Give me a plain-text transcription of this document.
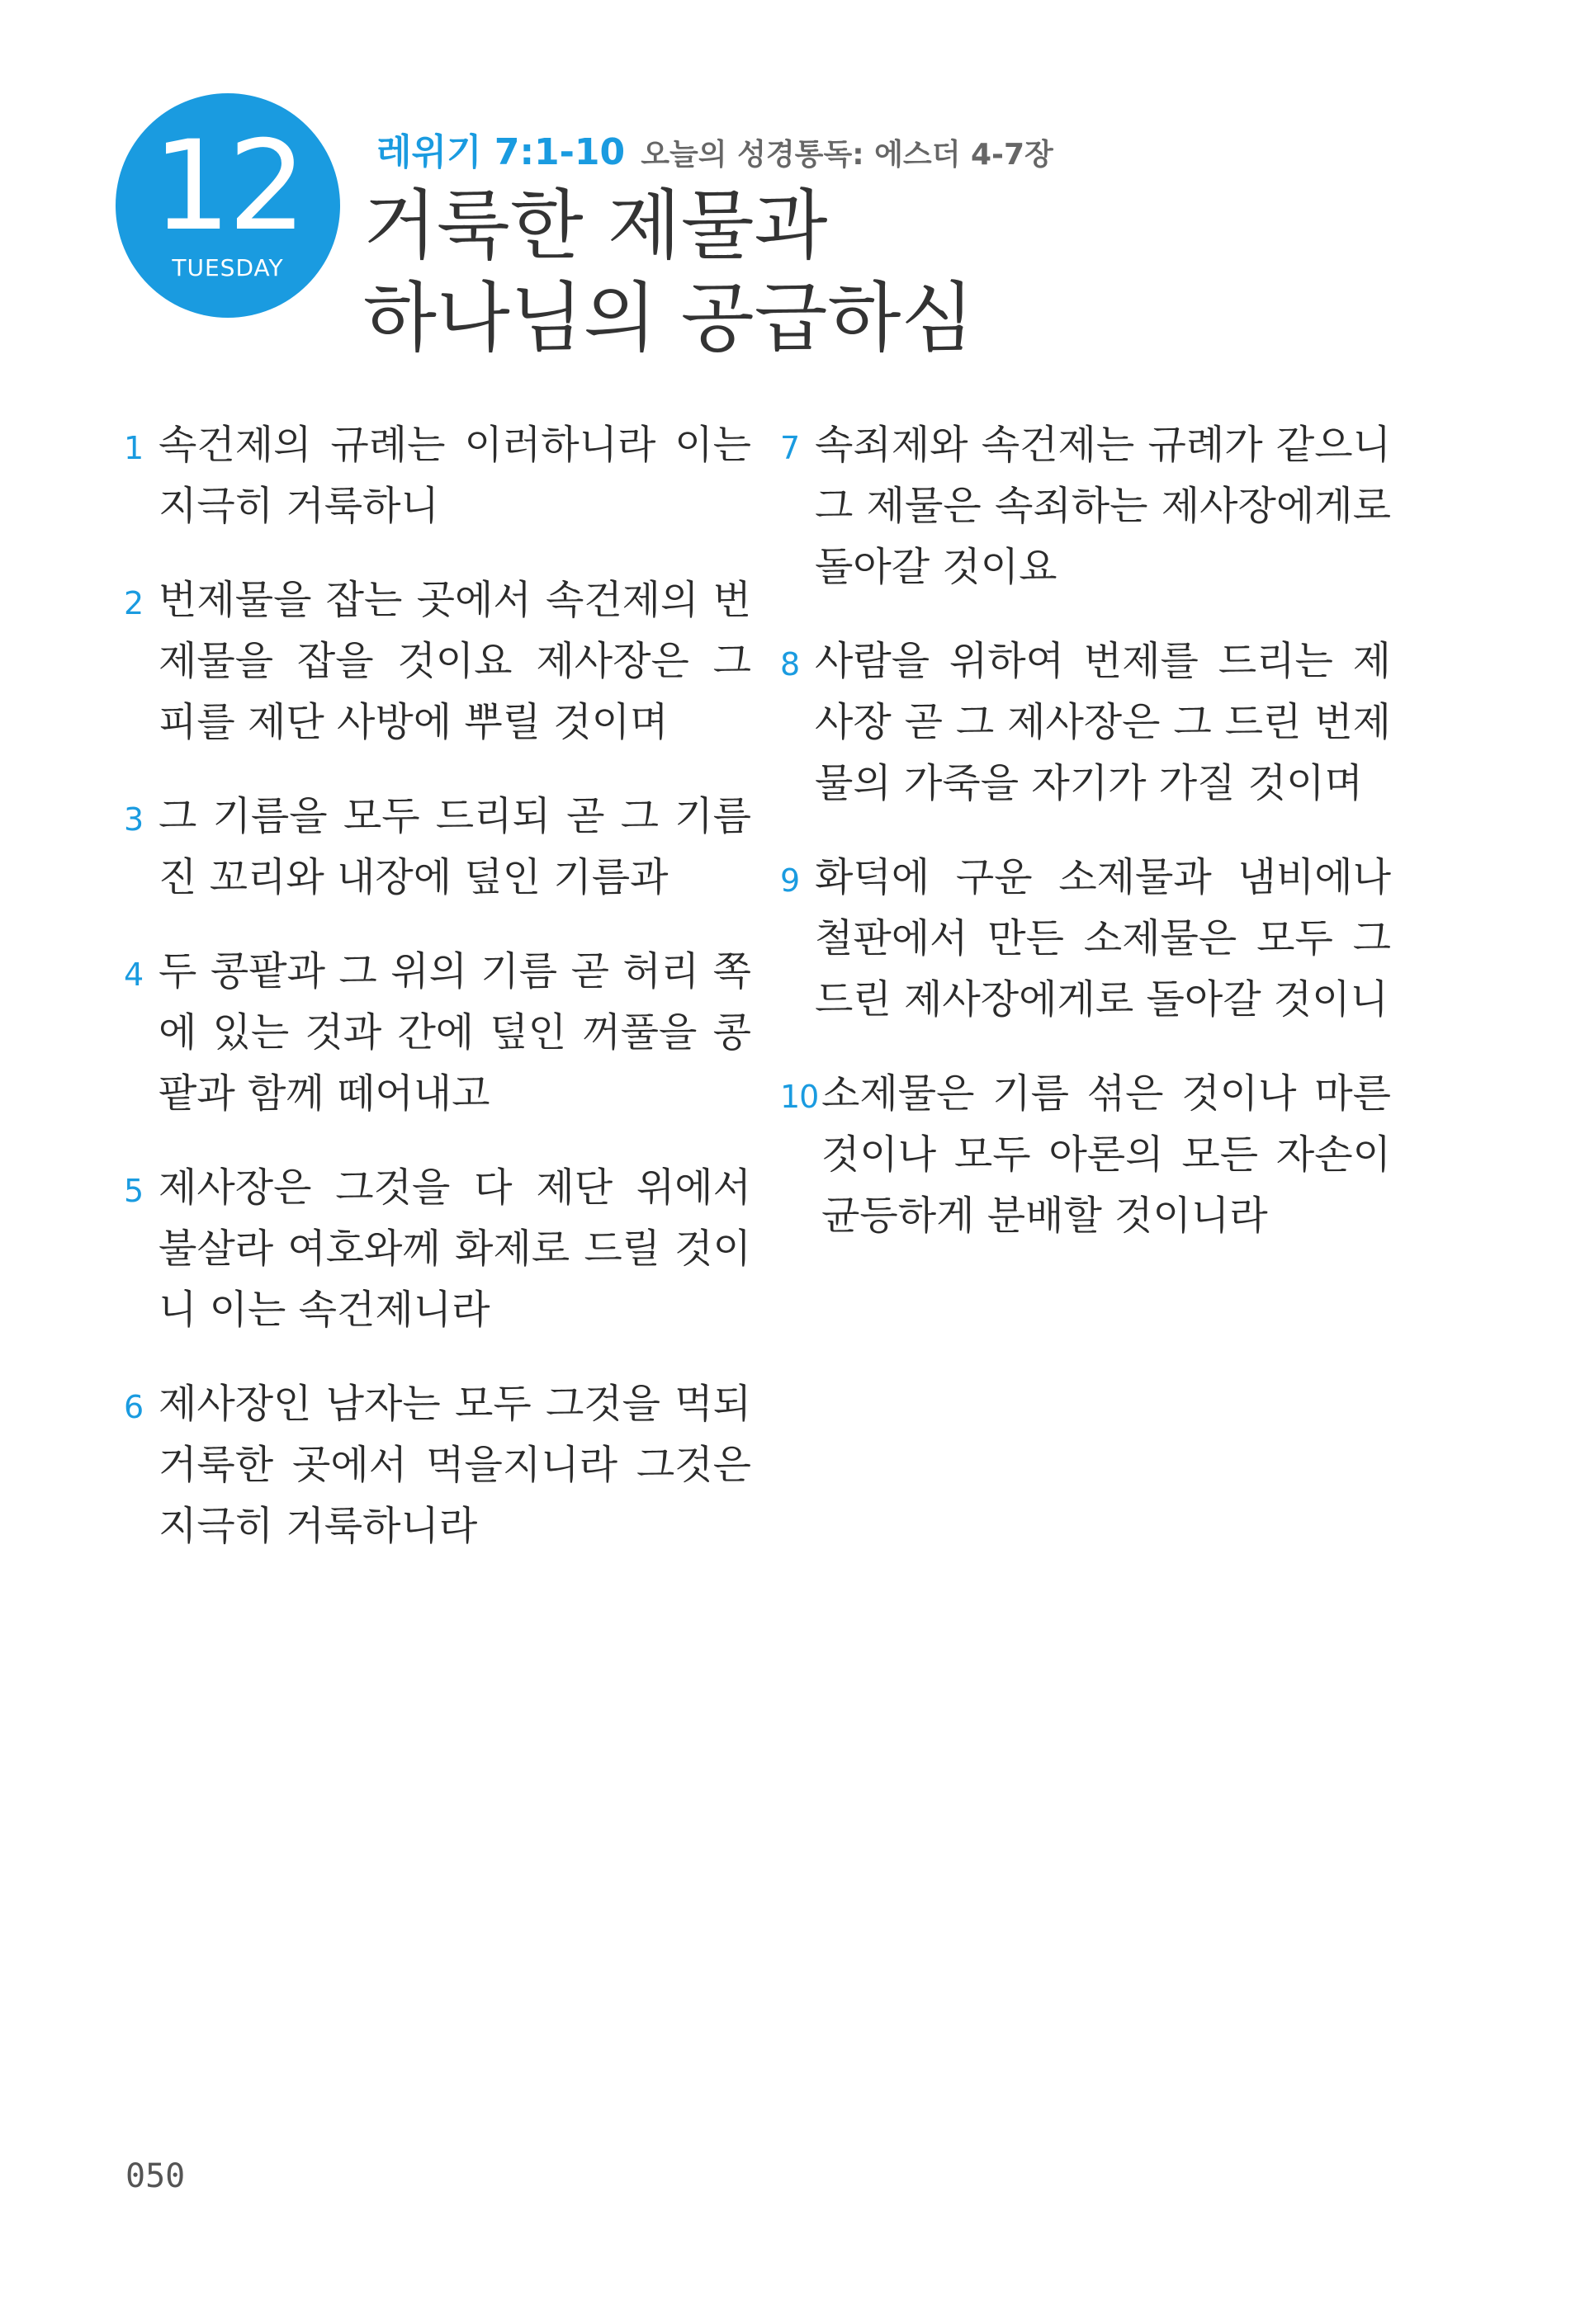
12
TUESDAY
레위기 7:1-10 오늘의 성경통독: 에스더 4-7장
거룩한 제물과
하나님의 공급하심
1 속건제의 규례는 이러하니라 이는 지극히 거룩하니
2 번제물을 잡는 곳에서 속건제의 번제물을 잡을 것이요 제사장은 그 피를 제단 사방에 뿌릴 것이며
3 그 기름을 모두 드리되 곧 그 기름진 꼬리와 내장에 덮인 기름과
4 두 콩팥과 그 위의 기름 곧 허리 쪽에 있는 것과 간에 덮인 꺼풀을 콩팥과 함께 떼어내고
5 제사장은 그것을 다 제단 위에서 불살라 여호와께 화제로 드릴 것이니 이는 속건제니라
6 제사장인 남자는 모두 그것을 먹되 거룩한 곳에서 먹을지니라 그것은 지극히 거룩하니라
7 속죄제와 속건제는 규례가 같으니 그 제물은 속죄하는 제사장에게로 돌아갈 것이요
8 사람을 위하여 번제를 드리는 제사장 곧 그 제사장은 그 드린 번제물의 가죽을 자기가 가질 것이며
9 화덕에 구운 소제물과 냄비에나 철판에서 만든 소제물은 모두 그 드린 제사장에게로 돌아갈 것이니
10 소제물은 기름 섞은 것이나 마른 것이나 모두 아론의 모든 자손이 균등하게 분배할 것이니라
050
